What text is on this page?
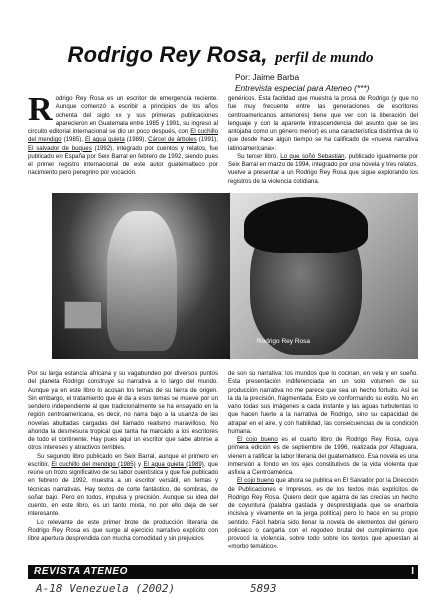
Rodrigo Rey Rosa, perfil de mundo
Por: Jaime Barba
Entrevista especial para Ateneo (***)

Rodrigo Rey Rosa es un escritor de emergencia reciente. Aunque comenzó a escribir a principios de los años ochenta del siglo xx y sus primeras publicaciones aparecieron en Guatemala entre 1985 y 1991, su ingreso al circuito editorial internacional se dio un poco después, con El cuchillo del mendigo (1985), El agua quieta (1989), Cárcel de árboles (1991), El salvador de buques (1992), integrado por cuentos y relatos, fue publicado en España por Seix Barral en febrero de 1992, siendo pues el primer registro internacional de este autor guatemalteco por nacimiento pero peregrino por vocación.

genéricos. Esta facilidad que muestra la prosa de Rodrigo (y que no fue muy frecuente entre las generaciones de escritores centroamericanos anteriores) tiene que ver con la liberación del lenguaje y con la aparente intrascendencia del asunto que se les antojaba como un género menor) es una característica distintiva de lo que desde hace algún tiempo se ha calificado de «nueva narrativa latinoamericana».

Su tercer libro, Lo que soñó Sebastián, publicado igualmente por Seix Barral en marzo de 1994, integrado por una novela y tres relatos, vuelve a presentar a un Rodrigo Rey Rosa que sigue explorando los registros de la violencia cotidiana.

Rodrigo Rey Rosa

Por su larga estancia africana y su vagabundeo por diversos puntos del planeta Rodrigo construye su narrativa a lo largo del mundo. Aunque ya en este libro lo acosan los temas de su tierra de origen. Sin embargo, el tratamiento que él da a esos temas se mueve por un sendero independiente al que tradicionalmente se ha ensayado en la región centroamericana, es decir, no narra bajo a la usanza de las novelas abultadas cargadas del llamado realismo maravilloso. No ahonda la desmesura tropical que tanta ha marcado a los escritores de todo el continente. Hay pues aquí un escritor que sabe abrirse a otros intereses y atractivos terribles.

Su segundo libro publicado en Seix Barral, aunque el primero en escribir, El cuchillo del mendigo (1985) y El agua quieta (1989), que reúne un trozo significativo de su labor cuentística y que fue publicado en febrero de 1992, muestra a un escritor versátil, en temas y técnicas narrativas. Hay textos de corte fantástico, de sombras, de soñar bajo. Pero en todos, impulsa y precisión. Aunque su idea del cuento, en este libro, es un tanto mixta, no por ello deja de ser interesante.

Lo relevante de este primer brote de producción literaria de Rodrigo Rey Rosa es que surge al ejercicio narrativo explícito con libre apertura desprendida con mucha comodidad y sin prejuicios

de son su narrativa: los mundos que lo cocinan, en vela y en sueño. Esta presentación indiferenciada en un solo volumen de su producción narrativa no me parece que sea un hecho fortuito. Así se la da la precisión, fragmentada. Esto ve conformando su estilo. No en vano todas sus imágenes a cada instante y las aguas turbulentas lo que hacen fuerte a la narrativa de Rodrigo, sino su capacidad de atrapar en el aire, y con habilidad, las consecuencias de la condición humana.

El cojo bueno es el cuarto libro de Rodrigo Rey Rosa, cuya primera edición es de septiembre de 1996, realizada por Alfaguara, vienen a ratificar la labor literaria del guatemalteco. Esa novela es una inmersión a fondo en los ejes constitutivos de la vida violenta que asfixia a Centroamérica.

El cojo bueno que ahora se publica en El Salvador por la Dirección de Publicaciones e Impresos, es de los textos más explícitos de Rodrigo Rey Rosa. Quiero decir que agarra de las crecías un hecho de coyuntura (palabra gastada y desprestigiada que se enarbola incisiva y vivamente en la jerga política) pero lo hace en su propio sentido. Fácil habría sido llenar la novela de elementos del género policiaco o cargarla con el regodeo brutal del cumplimiento que provocó la violencia, sobre todo sobre los textos que apuestan al «morbo temático».

REVISTA ATENEO	I
A-18 Venezuela (2002)	5893
